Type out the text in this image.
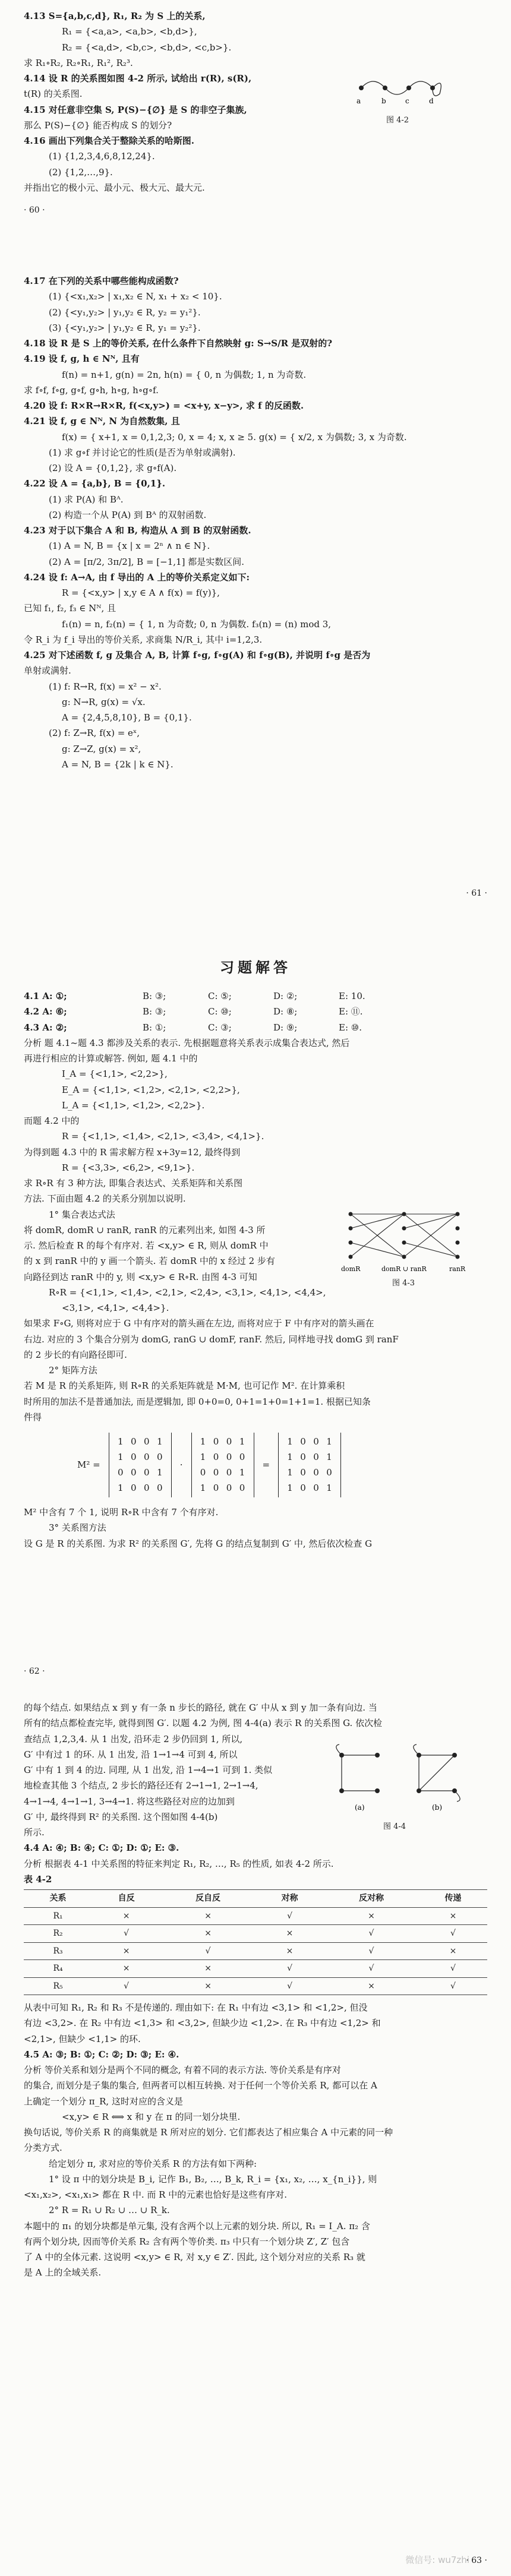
4.13 S={a,b,c,d}, R₁, R₂ 为 S 上的关系,
R₁ = {<a,a>, <a,b>, <b,d>},
R₂ = {<a,d>, <b,c>, <b,d>, <c,b>}.
求 R₁∘R₂, R₂∘R₁, R₁², R₂³.
4.14 设 R 的关系图如图 4-2 所示, 试给出 r(R), s(R),
t(R) 的关系图.
4.15 对任意非空集 S, P(S)−{∅} 是 S 的非空子集族,
那么 P(S)−{∅} 能否构成 S 的划分?
4.16 画出下列集合关于整除关系的哈斯图.
(1) {1,2,3,4,6,8,12,24}.
(2) {1,2,…,9}.
并指出它的极小元、最小元、极大元、最大元.
a	b	c	d
图 4-2
· 60 ·
4.17 在下列的关系中哪些能构成函数?
(1) {<x₁,x₂> | x₁,x₂ ∈ N, x₁ + x₂ < 10}.
(2) {<y₁,y₂> | y₁,y₂ ∈ R, y₂ = y₁²}.
(3) {<y₁,y₂> | y₁,y₂ ∈ R, y₁ = y₂²}.
4.18 设 R 是 S 上的等价关系, 在什么条件下自然映射 g: S→S/R 是双射的?
4.19 设 f, g, h ∈ Nᴺ, 且有
f(n) = n+1, g(n) = 2n, h(n) = { 0, n 为偶数; 1, n 为奇数.
求 f∘f, f∘g, g∘f, g∘h, h∘g, h∘g∘f.
4.20 设 f: R×R→R×R, f(<x,y>) = <x+y, x−y>, 求 f 的反函数.
4.21 设 f, g ∈ Nᴺ, N 为自然数集, 且
f(x) = { x+1, x = 0,1,2,3; 0, x = 4; x, x ≥ 5. g(x) = { x/2, x 为偶数; 3, x 为奇数.
(1) 求 g∘f 并讨论它的性质(是否为单射或满射).
(2) 设 A = {0,1,2}, 求 g∘f(A).
4.22 设 A = {a,b}, B = {0,1}.
(1) 求 P(A) 和 Bᴬ.
(2) 构造一个从 P(A) 到 Bᴬ 的双射函数.
4.23 对于以下集合 A 和 B, 构造从 A 到 B 的双射函数.
(1) A = N, B = {x | x = 2ⁿ ∧ n ∈ N}.
(2) A = [π/2, 3π/2], B = [−1,1] 都是实数区间.
4.24 设 f: A→A, 由 f 导出的 A 上的等价关系定义如下:
R = {<x,y> | x,y ∈ A ∧ f(x) = f(y)},
已知 f₁, f₂, f₃ ∈ Nᴺ, 且
f₁(n) = n, f₂(n) = { 1, n 为奇数; 0, n 为偶数. f₃(n) = (n) mod 3,
令 R_i 为 f_i 导出的等价关系, 求商集 N/R_i, 其中 i=1,2,3.
4.25 对下述函数 f, g 及集合 A, B, 计算 f∘g, f∘g(A) 和 f∘g(B), 并说明 f∘g 是否为
单射或满射.
(1) f: R→R, f(x) = x² − x².
g: N→R, g(x) = √x.
A = {2,4,5,8,10}, B = {0,1}.
(2) f: Z→R, f(x) = eˣ,
g: Z→Z, g(x) = x²,
A = N, B = {2k | k ∈ N}.
· 61 ·
习题解答
4.1 A: ①;	B: ③;	C: ⑤;	D: ②;	E: 10.
4.2 A: ⑥;	B: ③;	C: ⑩;	D: ⑧;	E: ⑪.
4.3 A: ②;	B: ①;	C: ③;	D: ⑨;	E: ⑩.
分析 题 4.1~题 4.3 都涉及关系的表示. 先根据题意将关系表示成集合表达式, 然后
再进行相应的计算或解答. 例如, 题 4.1 中的
I_A = {<1,1>, <2,2>},
E_A = {<1,1>, <1,2>, <2,1>, <2,2>},
L_A = {<1,1>, <1,2>, <2,2>}.
而题 4.2 中的
R = {<1,1>, <1,4>, <2,1>, <3,4>, <4,1>}.
为得到题 4.3 中的 R 需求解方程 x+3y=12, 最终得到
R = {<3,3>, <6,2>, <9,1>}.
求 R∘R 有 3 种方法, 即集合表达式、关系矩阵和关系图
方法. 下面由题 4.2 的关系分别加以说明.
1° 集合表达式法
将 domR, domR ∪ ranR, ranR 的元素列出来, 如图 4-3 所
示. 然后检查 R 的每个有序对. 若 <x,y> ∈ R, 则从 domR 中
的 x 到 ranR 中的 y 画一个箭头. 若 domR 中的 x 经过 2 步有
向路径到达 ranR 中的 y, 则 <x,y> ∈ R∘R. 由图 4-3 可知
R∘R = {<1,1>, <1,4>, <2,1>, <2,4>, <3,1>, <4,1>, <4,4>,
<3,1>, <4,1>, <4,4>}.
如果求 F∘G, 则将对应于 G 中有序对的箭头画在左边, 而将对应于 F 中有序对的箭头画在
右边. 对应的 3 个集合分别为 domG, ranG ∪ domF, ranF. 然后, 同样地寻找 domG 到 ranF
的 2 步长的有向路径即可.
2° 矩阵方法
若 M 是 R 的关系矩阵, 则 R∘R 的关系矩阵就是 M·M, 也可记作 M². 在计算乘积
时所用的加法不是普通加法, 而是逻辑加, 即 0+0=0, 0+1=1+0=1+1=1. 根据已知条
件得
M² =
1 0 0 1
1 0 0 0
0 0 0 1
1 0 0 0
·
1 0 0 1
1 0 0 0
0 0 0 1
1 0 0 0
=
1 0 0 1
1 0 0 1
1 0 0 0
1 0 0 1
M² 中含有 7 个 1, 说明 R∘R 中含有 7 个有序对.
3° 关系图方法
设 G 是 R 的关系图. 为求 R² 的关系图 G′, 先将 G 的结点复制到 G′ 中, 然后依次检查 G
domR	domR ∪ ranR	ranR
图 4-3
· 62 ·
的每个结点. 如果结点 x 到 y 有一条 n 步长的路径, 就在 G′ 中从 x 到 y 加一条有向边. 当
所有的结点都检查完毕, 就得到图 G′. 以题 4.2 为例, 图 4-4(a) 表示 R 的关系图 G. 依次检
查结点 1,2,3,4. 从 1 出发, 沿环走 2 步仍回到 1, 所以,
G′ 中有过 1 的环. 从 1 出发, 沿 1→1→4 可到 4, 所以
G′ 中有 1 到 4 的边. 同理, 从 1 出发, 沿 1→4→1 可到 1. 类似
地检查其他 3 个结点, 2 步长的路径还有 2→1→1, 2→1→4,
4→1→4, 4→1→1, 3→4→1. 将这些路径对应的边加到
G′ 中, 最终得到 R² 的关系图. 这个图如图 4-4(b)
所示.
4.4 A: ④; B: ④; C: ①; D: ①; E: ③.
分析 根据表 4-1 中关系图的特征来判定 R₁, R₂, …, R₅ 的性质, 如表 4-2 所示.
表 4-2
关系	自反	反自反	对称	反对称	传递
R₁	×	×	√	×	×
R₂	√	×	×	√	√
R₃	×	√	×	√	×
R₄	×	×	√	√	√
R₅	√	×	√	×	√
从表中可知 R₁, R₂ 和 R₃ 不是传递的. 理由如下: 在 R₁ 中有边 <3,1> 和 <1,2>, 但没
有边 <3,2>. 在 R₂ 中有边 <1,3> 和 <3,2>, 但缺少边 <1,2>. 在 R₃ 中有边 <1,2> 和
<2,1>, 但缺少 <1,1> 的环.
4.5 A: ③; B: ①; C: ②; D: ③; E: ④.
分析 等价关系和划分是两个不同的概念, 有着不同的表示方法. 等价关系是有序对
的集合, 而划分是子集的集合, 但两者可以相互转换. 对于任何一个等价关系 R, 都可以在 A
上确定一个划分 π_R, 这时对应的含义是
<x,y> ∈ R ⟺ x 和 y 在 π 的同一划分块里.
换句话说, 等价关系 R 的商集就是 R 所对应的划分. 它们都表达了相应集合 A 中元素的同一种
分类方式.
给定划分 π, 求对应的等价关系 R 的方法有如下两种:
1° 设 π 中的划分块是 B_i, 记作 B₁, B₂, …, B_k, R_i = {x₁, x₂, …, x_{n_i}}, 则
<x₁,x₂>, <x₁,x₁> 都在 R 中. 而 R 中的元素也恰好是这些有序对.
2° R = R₁ ∪ R₂ ∪ … ∪ R_k.
本题中的 π₁ 的划分块都是单元集, 没有含两个以上元素的划分块. 所以, R₁ = I_A. π₂ 含
有两个划分块, 因而等价关系 R₂ 含有两个等价类. π₃ 中只有一个划分块 Z′, Z′ 包含
了 A 中的全体元素. 这说明 <x,y> ∈ R, 对 x,y ∈ Z′. 因此, 这个划分对应的关系 R₃ 就
是 A 上的全域关系.
(a)	(b)
图 4-4
微信号: wu7zhi
· 63 ·
